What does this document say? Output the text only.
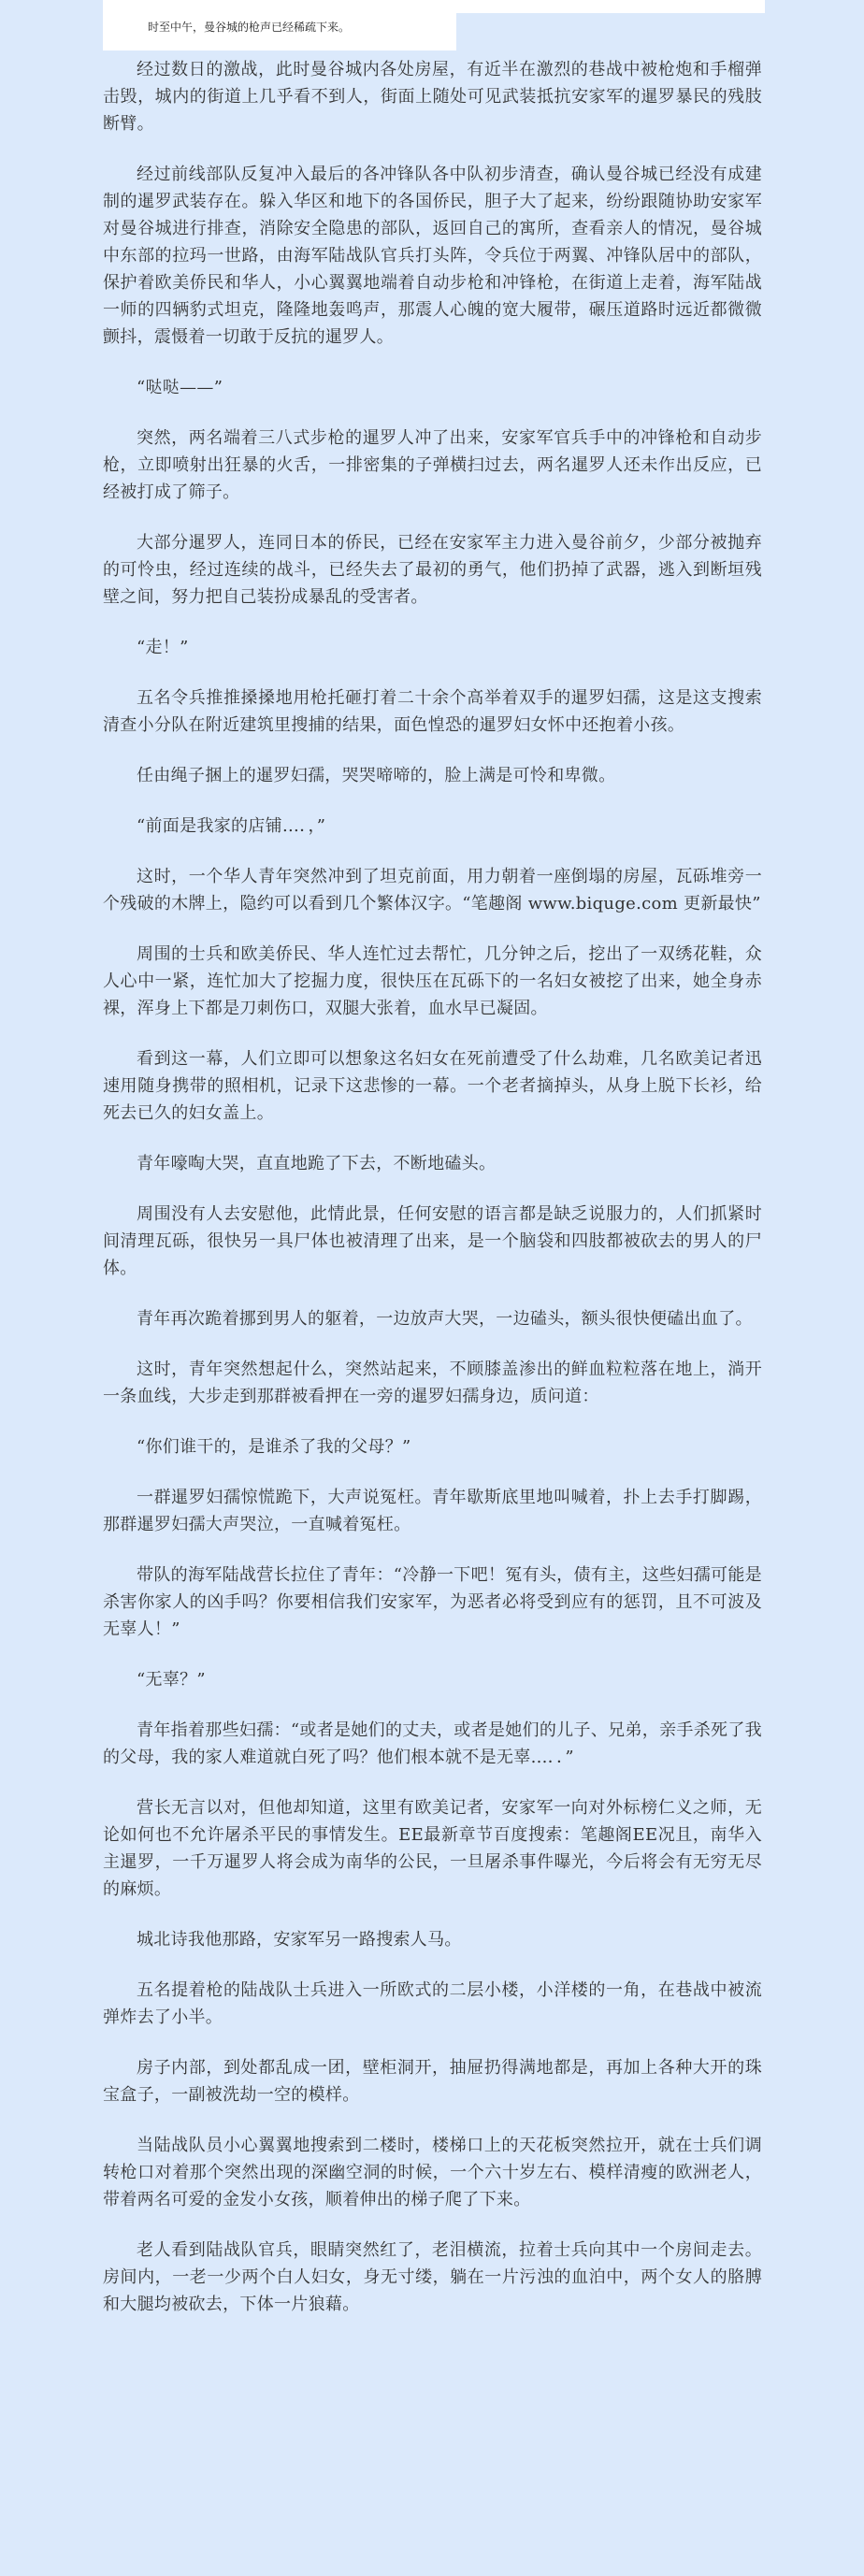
时至中午，曼谷城的枪声已经稀疏下来。

经过数日的激战，此时曼谷城内各处房屋，有近半在激烈的巷战中被枪炮和手榴弹击毁，城内的街道上几乎看不到人，街面上随处可见武装抵抗安家军的暹罗暴民的残肢断臂。

经过前线部队反复冲入最后的各冲锋队各中队初步清查，确认曼谷城已经没有成建制的暹罗武装存在。躲入华区和地下的各国侨民，胆子大了起来，纷纷跟随协助安家军对曼谷城进行排查，消除安全隐患的部队，返回自己的寓所，查看亲人的情况，曼谷城中东部的拉玛一世路，由海军陆战队官兵打头阵，令兵位于两翼、冲锋队居中的部队，保护着欧美侨民和华人，小心翼翼地端着自动步枪和冲锋枪，在街道上走着，海军陆战一师的四辆豹式坦克，隆隆地轰鸣声，那震人心魄的宽大履带，碾压道路时远近都微微颤抖，震慑着一切敢于反抗的暹罗人。

“哒哒——”

突然，两名端着三八式步枪的暹罗人冲了出来，安家军官兵手中的冲锋枪和自动步枪，立即喷射出狂暴的火舌，一排密集的子弹横扫过去，两名暹罗人还未作出反应，已经被打成了筛子。

大部分暹罗人，连同日本的侨民，已经在安家军主力进入曼谷前夕，少部分被抛弃的可怜虫，经过连续的战斗，已经失去了最初的勇气，他们扔掉了武器，逃入到断垣残壁之间，努力把自己装扮成暴乱的受害者。

“走！”

五名令兵推推搡搡地用枪托砸打着二十余个高举着双手的暹罗妇孺，这是这支搜索清查小分队在附近建筑里搜捕的结果，面色惶恐的暹罗妇女怀中还抱着小孩。

任由绳子捆上的暹罗妇孺，哭哭啼啼的，脸上满是可怜和卑微。

“前面是我家的店铺…．，”

这时，一个华人青年突然冲到了坦克前面，用力朝着一座倒塌的房屋，瓦砾堆旁一个残破的木牌上，隐约可以看到几个繁体汉字。“笔趣阁 www.biquge.com 更新最快”

周围的士兵和欧美侨民、华人连忙过去帮忙，几分钟之后，挖出了一双绣花鞋，众人心中一紧，连忙加大了挖掘力度，很快压在瓦砾下的一名妇女被挖了出来，她全身赤裸，浑身上下都是刀刺伤口，双腿大张着，血水早已凝固。

看到这一幕，人们立即可以想象这名妇女在死前遭受了什么劫难，几名欧美记者迅速用随身携带的照相机，记录下这悲惨的一幕。一个老者摘掉头，从身上脱下长衫，给死去已久的妇女盖上。

青年嚎啕大哭，直直地跪了下去，不断地磕头。

周围没有人去安慰他，此情此景，任何安慰的语言都是缺乏说服力的，人们抓紧时间清理瓦砾，很快另一具尸体也被清理了出来，是一个脑袋和四肢都被砍去的男人的尸体。

青年再次跪着挪到男人的躯着，一边放声大哭，一边磕头，额头很快便磕出血了。

这时，青年突然想起什么，突然站起来，不顾膝盖渗出的鲜血粒粒落在地上，淌开一条血线，大步走到那群被看押在一旁的暹罗妇孺身边，质问道：

“你们谁干的，是谁杀了我的父母？”

一群暹罗妇孺惊慌跪下，大声说冤枉。青年歇斯底里地叫喊着，扑上去手打脚踢，那群暹罗妇孺大声哭泣，一直喊着冤枉。

带队的海军陆战营长拉住了青年：“冷静一下吧！冤有头，债有主，这些妇孺可能是杀害你家人的凶手吗？你要相信我们安家军，为恶者必将受到应有的惩罚，且不可波及无辜人！”

“无辜？”

青年指着那些妇孺：“或者是她们的丈夫，或者是她们的儿子、兄弟，亲手杀死了我的父母，我的家人难道就白死了吗？他们根本就不是无辜…．．”

营长无言以对，但他却知道，这里有欧美记者，安家军一向对外标榜仁义之师，无论如何也不允许屠杀平民的事情发生。EE最新章节百度搜索：笔趣阁EE况且，南华入主暹罗，一千万暹罗人将会成为南华的公民，一旦屠杀事件曝光，今后将会有无穷无尽的麻烦。

城北诗我他那路，安家军另一路搜索人马。

五名提着枪的陆战队士兵进入一所欧式的二层小楼，小洋楼的一角，在巷战中被流弹炸去了小半。

房子内部，到处都乱成一团，壁柜洞开，抽屉扔得满地都是，再加上各种大开的珠宝盒子，一副被洗劫一空的模样。

当陆战队员小心翼翼地搜索到二楼时，楼梯口上的天花板突然拉开，就在士兵们调转枪口对着那个突然出现的深幽空洞的时候，一个六十岁左右、模样清瘦的欧洲老人，带着两名可爱的金发小女孩，顺着伸出的梯子爬了下来。

老人看到陆战队官兵，眼睛突然红了，老泪横流，拉着士兵向其中一个房间走去。房间内，一老一少两个白人妇女，身无寸缕，躺在一片污浊的血泊中，两个女人的胳膊和大腿均被砍去，下体一片狼藉。
